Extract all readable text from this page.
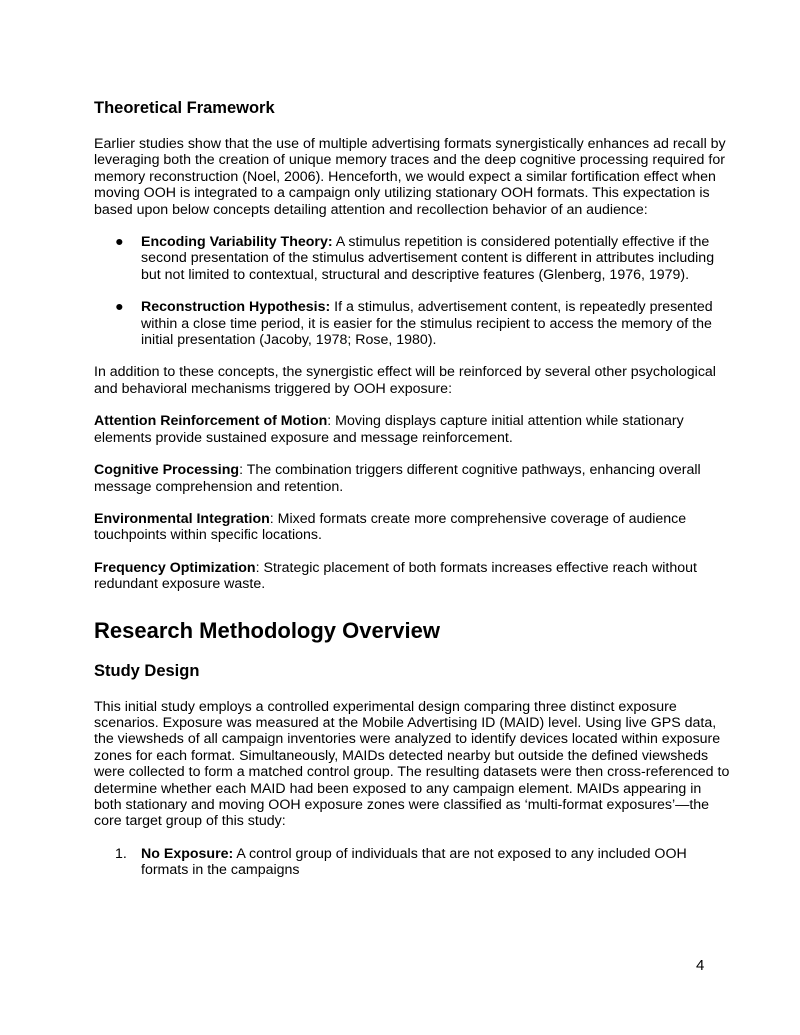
Theoretical Framework

Earlier studies show that the use of multiple advertising formats synergistically enhances ad recall by leveraging both the creation of unique memory traces and the deep cognitive processing required for memory reconstruction (Noel, 2006). Henceforth, we would expect a similar fortification effect when moving OOH is integrated to a campaign only utilizing stationary OOH formats. This expectation is based upon below concepts detailing attention and recollection behavior of an audience:

● Encoding Variability Theory: A stimulus repetition is considered potentially effective if the second presentation of the stimulus advertisement content is different in attributes including but not limited to contextual, structural and descriptive features (Glenberg, 1976, 1979).
● Reconstruction Hypothesis: If a stimulus, advertisement content, is repeatedly presented within a close time period, it is easier for the stimulus recipient to access the memory of the initial presentation (Jacoby, 1978; Rose, 1980).

In addition to these concepts, the synergistic effect will be reinforced by several other psychological and behavioral mechanisms triggered by OOH exposure:

Attention Reinforcement of Motion: Moving displays capture initial attention while stationary elements provide sustained exposure and message reinforcement.

Cognitive Processing: The combination triggers different cognitive pathways, enhancing overall message comprehension and retention.

Environmental Integration: Mixed formats create more comprehensive coverage of audience touchpoints within specific locations.

Frequency Optimization: Strategic placement of both formats increases effective reach without redundant exposure waste.

Research Methodology Overview
Study Design

This initial study employs a controlled experimental design comparing three distinct exposure scenarios. Exposure was measured at the Mobile Advertising ID (MAID) level. Using live GPS data, the viewsheds of all campaign inventories were analyzed to identify devices located within exposure zones for each format. Simultaneously, MAIDs detected nearby but outside the defined viewsheds were collected to form a matched control group. The resulting datasets were then cross-referenced to determine whether each MAID had been exposed to any campaign element. MAIDs appearing in both stationary and moving OOH exposure zones were classified as ‘multi-format exposures’—the core target group of this study:

1. No Exposure: A control group of individuals that are not exposed to any included OOH formats in the campaigns
4
